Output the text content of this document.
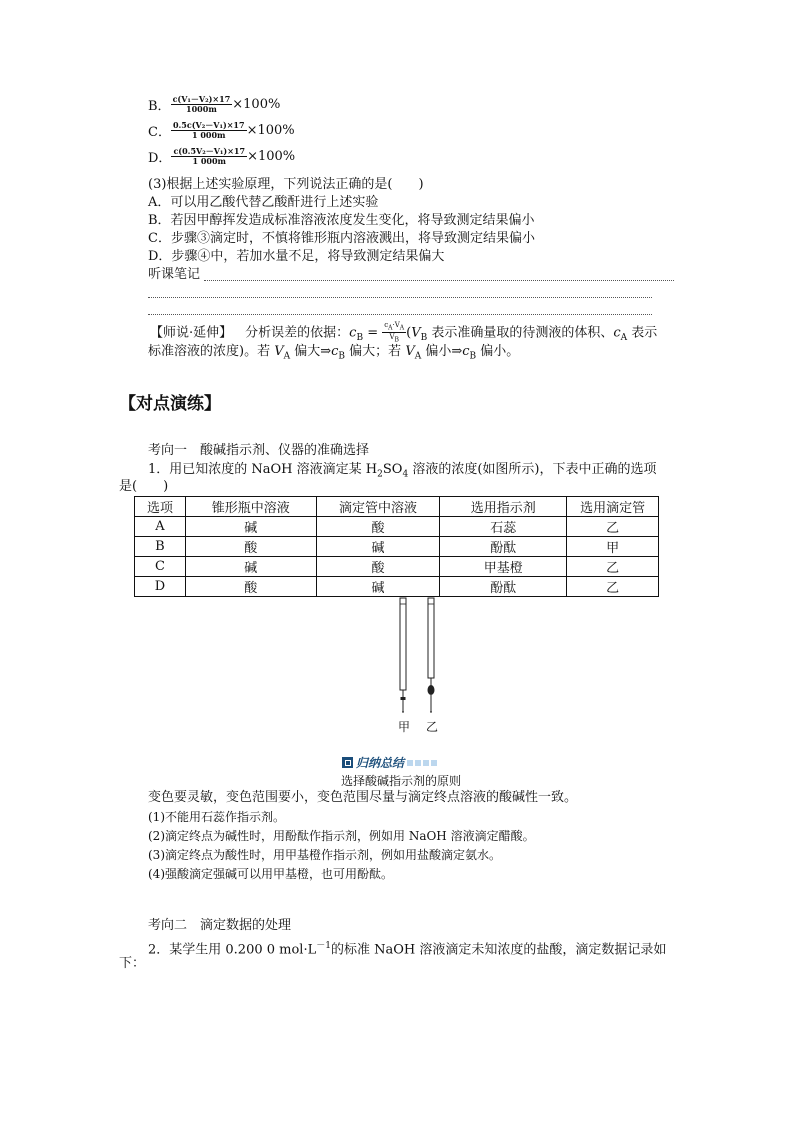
B． $\frac{\text{c(V₁－V₂)×17}}{1000m} \times 100\%$
C． $\frac{\text{0.5c(V₂－V₁)×17}}{1 000m} \times 100\%$
D． $\frac{\text{c(0.5V₂－V₁)×17}}{1 000m} \times 100\%$
(3)根据上述实验原理，下列说法正确的是(　　)
A．可以用乙酸代替乙酸酐进行上述实验
B．若因甲醇挥发造成标准溶液浓度发生变化，将导致测定结果偏小
C．步骤③滴定时，不慎将锥形瓶内溶液溅出，将导致测定结果偏小
D．步骤④中，若加水量不足，将导致测定结果偏大
听课笔记
【师说·延伸】  分析误差的依据：$c_B = \frac{c_A\cdot V_A}{V_B} (V_B$ 表示准确量取的待测液的体积、$c_A$ 表示
标准溶液的浓度)。若 $V_A$ 偏大$\Rightarrow c_B$ 偏大；若 $V_A$ 偏小$\Rightarrow c_B$ 偏小。
【对点演练】
考向一　酸碱指示剂、仪器的准确选择
1．用已知浓度的 NaOH 溶液滴定某 $H_2SO_4$ 溶液的浓度(如图所示)，下表中正确的选项
是(　　)
选项	锥形瓶中溶液	滴定管中溶液	选用指示剂	选用滴定管
A	碱	酸	石蕊	乙
B	酸	碱	酚酞	甲
C	碱	酸	甲基橙	乙
D	酸	碱	酚酞	乙
甲 乙
归纳总结
选择酸碱指示剂的原则
变色要灵敏，变色范围要小，变色范围尽量与滴定终点溶液的酸碱性一致。
(1)不能用石蕊作指示剂。
(2)滴定终点为碱性时，用酚酞作指示剂，例如用 NaOH 溶液滴定醋酸。
(3)滴定终点为酸性时，用甲基橙作指示剂，例如用盐酸滴定氨水。
(4)强酸滴定强碱可以用甲基橙，也可用酚酞。
考向二　滴定数据的处理
2．某学生用 0.200 0 $mol\cdot L^{-1}$的标准 NaOH 溶液滴定未知浓度的盐酸，滴定数据记录如
下：
